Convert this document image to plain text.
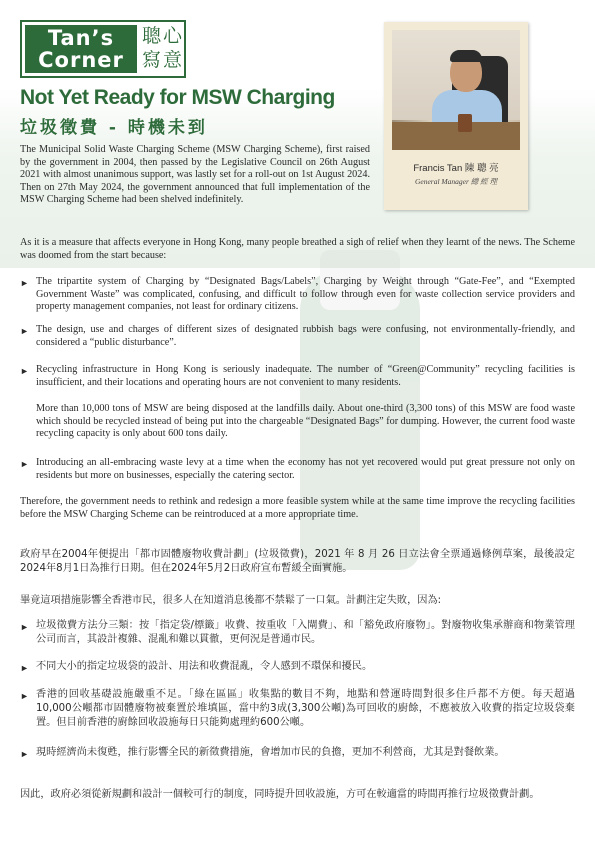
Tan’s
Corner
聰 心
寫 意
Not Yet Ready for MSW Charging
垃圾徵費 - 時機未到
Francis Tan 陳 聰 亮
General Manager 總 經 理
The Municipal Solid Waste Charging Scheme (MSW Charging Scheme), first raised by the government in 2004, then passed by the Legislative Council on 26th August 2021 with almost unanimous support, was lastly set for a roll-out on 1st August 2024. Then on 27th May 2024, the government announced that full implementation of the MSW Charging Scheme had been shelved indefinitely.
As it is a measure that affects everyone in Hong Kong, many people breathed a sigh of relief when they learnt of the news. The Scheme was doomed from the start because:
► The tripartite system of Charging by “Designated Bags/Labels”, Charging by Weight through “Gate-Fee”, and “Exempted Government Waste” was complicated, confusing, and difficult to follow through even for waste collection service providers and property management companies, not least for ordinary citizens.
► The design, use and charges of different sizes of designated rubbish bags were confusing, not environmentally-friendly, and considered a “public disturbance”.
► Recycling infrastructure in Hong Kong is seriously inadequate. The number of “Green@Community” recycling facilities is insufficient, and their locations and operating hours are not convenient to many residents.
More than 10,000 tons of MSW are being disposed at the landfills daily. About one-third (3,300 tons) of this MSW are food waste which should be recycled instead of being put into the chargeable “Designated Bags” for dumping. However, the current food waste recycling capacity is only about 600 tons daily.
► Introducing an all-embracing waste levy at a time when the economy has not yet recovered would put great pressure not only on residents but more on businesses, especially the catering sector.
Therefore, the government needs to rethink and redesign a more feasible system while at the same time improve the recycling facilities before the MSW Charging Scheme can be reintroduced at a more appropriate time.
政府早在2004年便提出「都市固體廢物收費計劃」(垃圾徵費)，2021 年 8 月 26 日立法會全票通過條例草案，最後設定2024年8月1日為推行日期。但在2024年5月2日政府宣布暫緩全面實施。
畢竟這項措施影響全香港市民，很多人在知道消息後都不禁鬆了一口氣。計劃注定失敗，因為:
► 垃圾徵費方法分三類：按「指定袋/標籤」收費、按重收「入閘費」、和「豁免政府廢物」。對廢物收集承辦商和物業管理公司而言，其設計複雜、混亂和難以貫徹，更何況是普通市民。
► 不同大小的指定垃圾袋的設計、用法和收費混亂，令人感到不環保和擾民。
► 香港的回收基礎設施嚴重不足。「綠在區區」收集點的數目不夠，地點和營運時間對很多住戶都不方便。每天超過10,000公噸都市固體廢物被棄置於堆填區，當中約3成(3,300公噸)為可回收的廚餘，不應被放入收費的指定垃圾袋棄置。但目前香港的廚餘回收設施每日只能夠處理約600公噸。
► 現時經濟尚未復甦，推行影響全民的新徵費措施，會增加市民的負擔，更加不利營商，尤其是對餐飲業。
因此，政府必須從新規劃和設計一個較可行的制度，同時提升回收設施，方可在較適當的時間再推行垃圾徵費計劃。
